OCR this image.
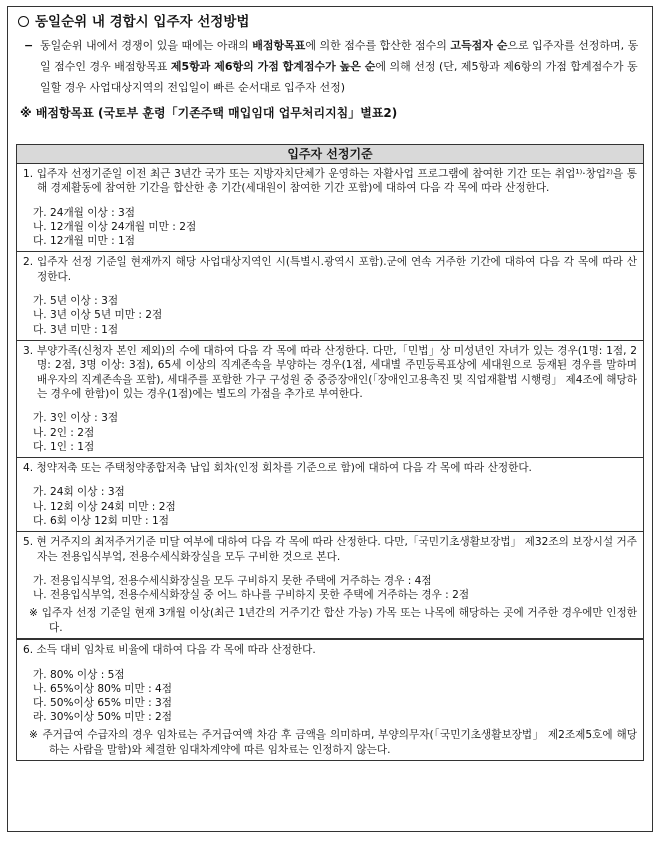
동일순위 내 경합시 입주자 선정방법
− 동일순위 내에서 경쟁이 있을 때에는 아래의 배점항목표에 의한 점수를 합산한 점수의 고득점자 순으로 입주자를 선정하며, 동일 점수인 경우 배점항목표 제5항과 제6항의 가점 합계점수가 높은 순에 의해 선정 (단, 제5항과 제6항의 가점 합계점수가 동일할 경우 사업대상지역의 전입일이 빠른 순서대로 입주자 선정)
※ 배점항목표 (국토부 훈령「기존주택 매입임대 업무처리지침」별표2)
입주자 선정기준
1. 입주자 선정기준일 이전 최근 3년간 국가 또는 지방자치단체가 운영하는 자활사업 프로그램에 참여한 기간 또는 취업¹⁾·창업²⁾을 통해 경제활동에 참여한 기간을 합산한 총 기간(세대원이 참여한 기간 포함)에 대하여 다음 각 목에 따라 산정한다.
가. 24개월 이상 : 3점
나. 12개월 이상 24개월 미만 : 2점
다. 12개월 미만 : 1점
2. 입주자 선정 기준일 현재까지 해당 사업대상지역인 시(특별시.광역시 포함).군에 연속 거주한 기간에 대하여 다음 각 목에 따라 산정한다.
가. 5년 이상 : 3점
나. 3년 이상 5년 미만 : 2점
다. 3년 미만 : 1점
3. 부양가족(신청자 본인 제외)의 수에 대하여 다음 각 목에 따라 산정한다. 다만,「민법」상 미성년인 자녀가 있는 경우(1명: 1점, 2명: 2점, 3명 이상: 3점), 65세 이상의 직계존속을 부양하는 경우(1점, 세대별 주민등록표상에 세대원으로 등재된 경우를 말하며 배우자의 직계존속을 포함), 세대주를 포함한 가구 구성원 중 중증장애인(「장애인고용촉진 및 직업재활법 시행령」 제4조에 해당하는 경우에 한함)이 있는 경우(1점)에는 별도의 가점을 추가로 부여한다.
가. 3인 이상 : 3점
나. 2인 : 2점
다. 1인 : 1점
4. 청약저축 또는 주택청약종합저축 납입 회차(인정 회차를 기준으로 함)에 대하여 다음 각 목에 따라 산정한다.
가. 24회 이상 : 3점
나. 12회 이상 24회 미만 : 2점
다. 6회 이상 12회 미만 : 1점
5. 현 거주지의 최저주거기준 미달 여부에 대하여 다음 각 목에 따라 산정한다. 다만,「국민기초생활보장법」 제32조의 보장시설 거주자는 전용입식부엌, 전용수세식화장실을 모두 구비한 것으로 본다.
가. 전용입식부엌, 전용수세식화장실을 모두 구비하지 못한 주택에 거주하는 경우 : 4점
나. 전용입식부엌, 전용수세식화장실 중 어느 하나를 구비하지 못한 주택에 거주하는 경우 : 2점
※ 입주자 선정 기준일 현재 3개월 이상(최근 1년간의 거주기간 합산 가능) 가목 또는 나목에 해당하는 곳에 거주한 경우에만 인정한다.
6. 소득 대비 임차료 비율에 대하여 다음 각 목에 따라 산정한다.
가. 80% 이상 : 5점
나. 65%이상 80% 미만 : 4점
다. 50%이상 65% 미만 : 3점
라. 30%이상 50% 미만 : 2점
※ 주거급여 수급자의 경우 임차료는 주거급여액 차감 후 금액을 의미하며, 부양의무자(「국민기초생활보장법」 제2조제5호에 해당하는 사람을 말함)와 체결한 임대차계약에 따른 임차료는 인정하지 않는다.
